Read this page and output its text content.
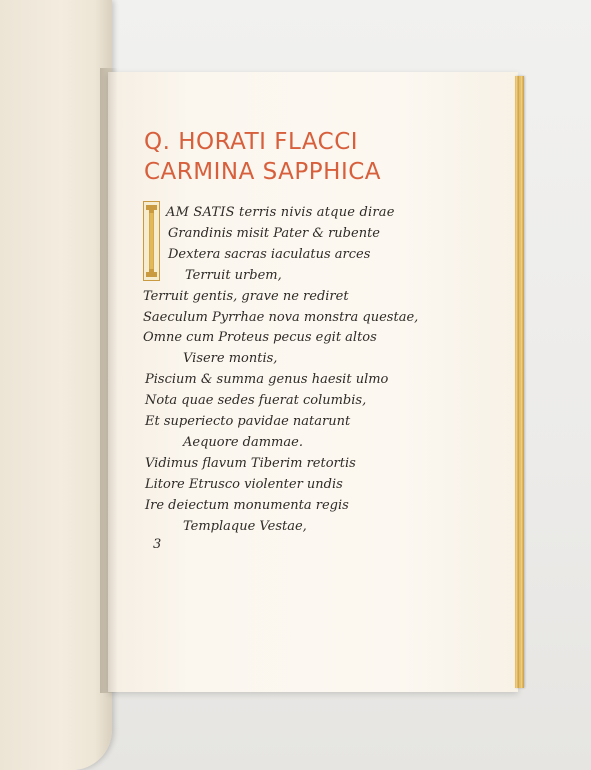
Q. HORATI FLACCI
CARMINA SAPPHICA
I
AM SATIS terris nivis atque dirae
Grandinis misit Pater & rubente
Dextera sacras iaculatus arces
Terruit urbem,
Terruit gentis, grave ne rediret
Saeculum Pyrrhae nova monstra questae,
Omne cum Proteus pecus egit altos
Visere montis,
Piscium & summa genus haesit ulmo
Nota quae sedes fuerat columbis,
Et superiecto pavidae natarunt
Aequore dammae.
Vidimus flavum Tiberim retortis
Litore Etrusco violenter undis
Ire deiectum monumenta regis
Templaque Vestae,
3
